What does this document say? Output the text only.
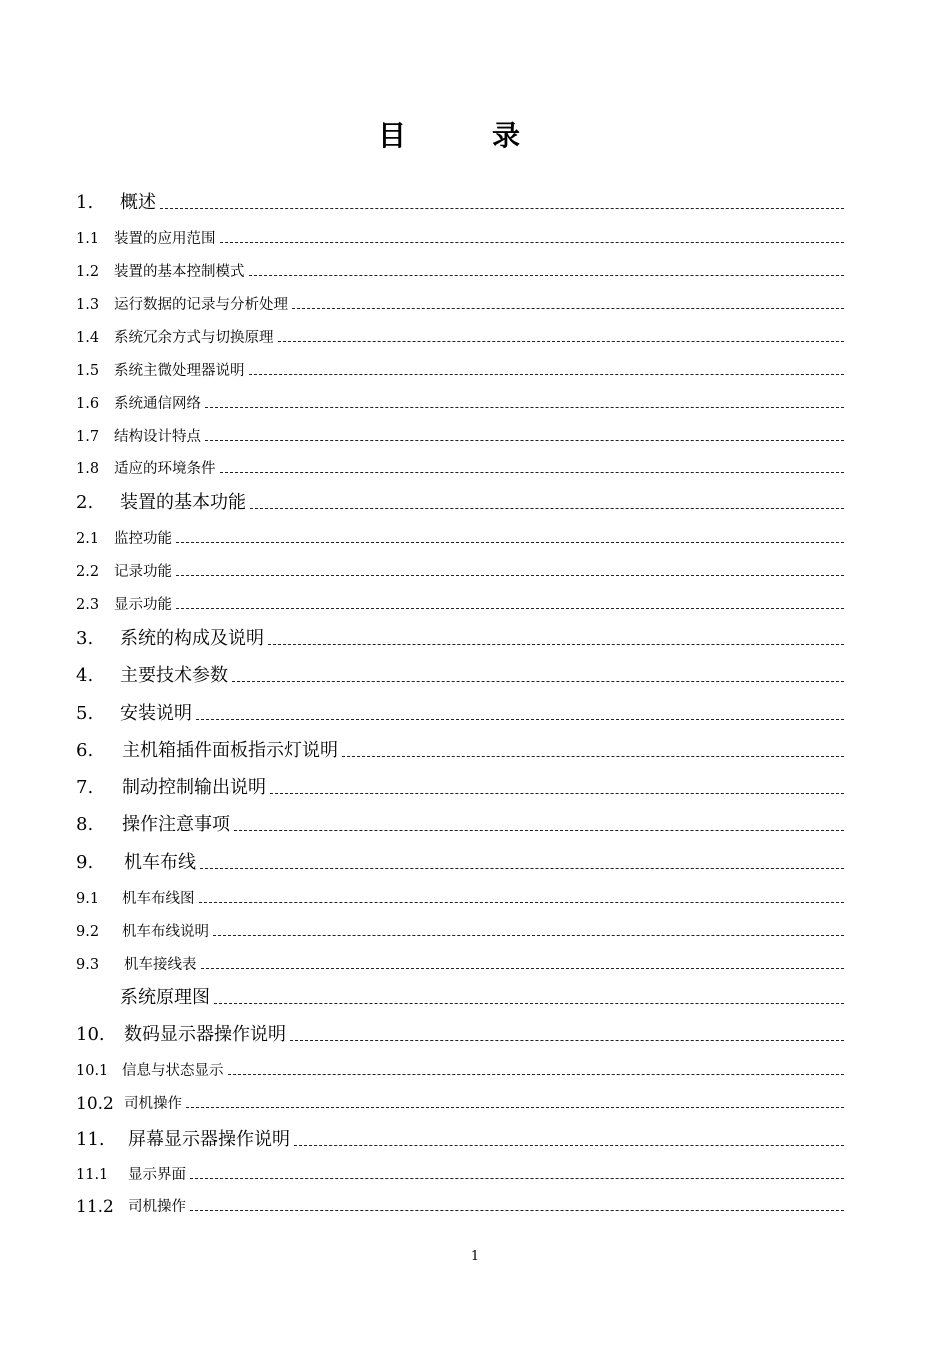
目	录
1.	概述
1.1	装置的应用范围
1.2	装置的基本控制模式
1.3	运行数据的记录与分析处理
1.4	系统冗余方式与切换原理
1.5	系统主微处理器说明
1.6	系统通信网络
1.7	结构设计特点
1.8	适应的环境条件
2.	装置的基本功能
2.1	监控功能
2.2	记录功能
2.3	显示功能
3.	系统的构成及说明
4.	主要技术参数
5.	安装说明
6.	主机箱插件面板指示灯说明
7.	制动控制输出说明
8.	操作注意事项
9.	机车布线
9.1	机车布线图
9.2	机车布线说明
9.3	机车接线表
系统原理图
10.	数码显示器操作说明
10.1 信息与状态显示
10.2 司机操作
11.	屏幕显示器操作说明
11.1	显示界面
11.2 司机操作
1
